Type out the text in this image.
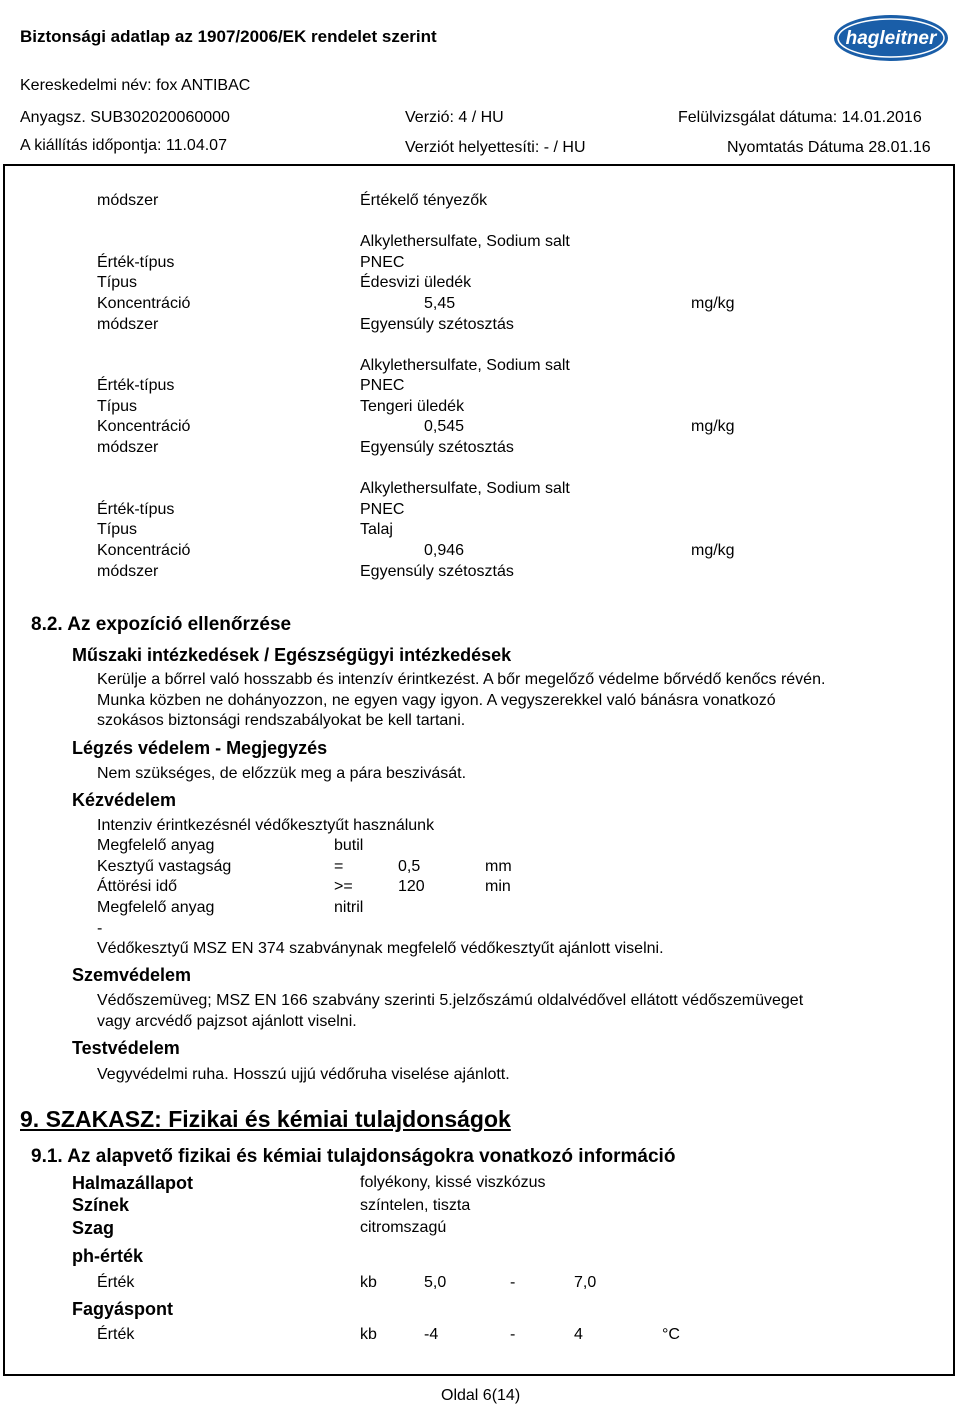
Biztonsági adatlap az 1907/2006/EK rendelet szerint	hagleitner
Kereskedelmi név: fox ANTIBAC
Anyagsz. SUB302020060000	Verzió: 4 / HU	Felülvizsgálat dátuma: 14.01.2016
A kiállítás időpontja: 11.04.07	Verziót helyettesíti: - / HU	Nyomtatás Dátuma 28.01.16
módszer	Értékelő tényezők
Alkylethersulfate, Sodium salt
Érték-típus	PNEC
Típus	Édesvizi üledék
Koncentráció	5,45	mg/kg
módszer	Egyensúly szétosztás
Alkylethersulfate, Sodium salt
Érték-típus	PNEC
Típus	Tengeri üledék
Koncentráció	0,545	mg/kg
módszer	Egyensúly szétosztás
Alkylethersulfate, Sodium salt
Érték-típus	PNEC
Típus	Talaj
Koncentráció	0,946	mg/kg
módszer	Egyensúly szétosztás
8.2. Az expozíció ellenőrzése
Műszaki intézkedések / Egészségügyi intézkedések
Kerülje a bőrrel való hosszabb és intenzív érintkezést. A bőr megelőző védelme bőrvédő kenőcs révén.
Munka közben ne dohányozzon, ne egyen vagy igyon. A vegyszerekkel való bánásra vonatkozó
szokásos biztonsági rendszabályokat be kell tartani.
Légzés védelem - Megjegyzés
Nem szükséges, de előzzük meg a pára beszivását.
Kézvédelem
Intenziv érintkezésnél védőkesztyűt használunk
Megfelelő anyag	butil
Kesztyű vastagság	=	0,5	mm
Áttörési idő	>=	120	min
Megfelelő anyag	nitril
-
Védőkesztyű MSZ EN 374 szabványnak megfelelő védőkesztyűt ajánlott viselni.
Szemvédelem
Védőszemüveg; MSZ EN 166 szabvány szerinti 5.jelzőszámú oldalvédővel ellátott védőszemüveget
vagy arcvédő pajzsot ajánlott viselni.
Testvédelem
Vegyvédelmi ruha. Hosszú ujjú védőruha viselése ajánlott.
9. SZAKASZ: Fizikai és kémiai tulajdonságok
9.1. Az alapvető fizikai és kémiai tulajdonságokra vonatkozó információ
Halmazállapot	folyékony, kissé viszkózus
Színek	színtelen, tiszta
Szag	citromszagú
ph-érték
Érték	kb	5,0	-	7,0
Fagyáspont
Érték	kb	-4	-	4	°C
Oldal 6(14)
